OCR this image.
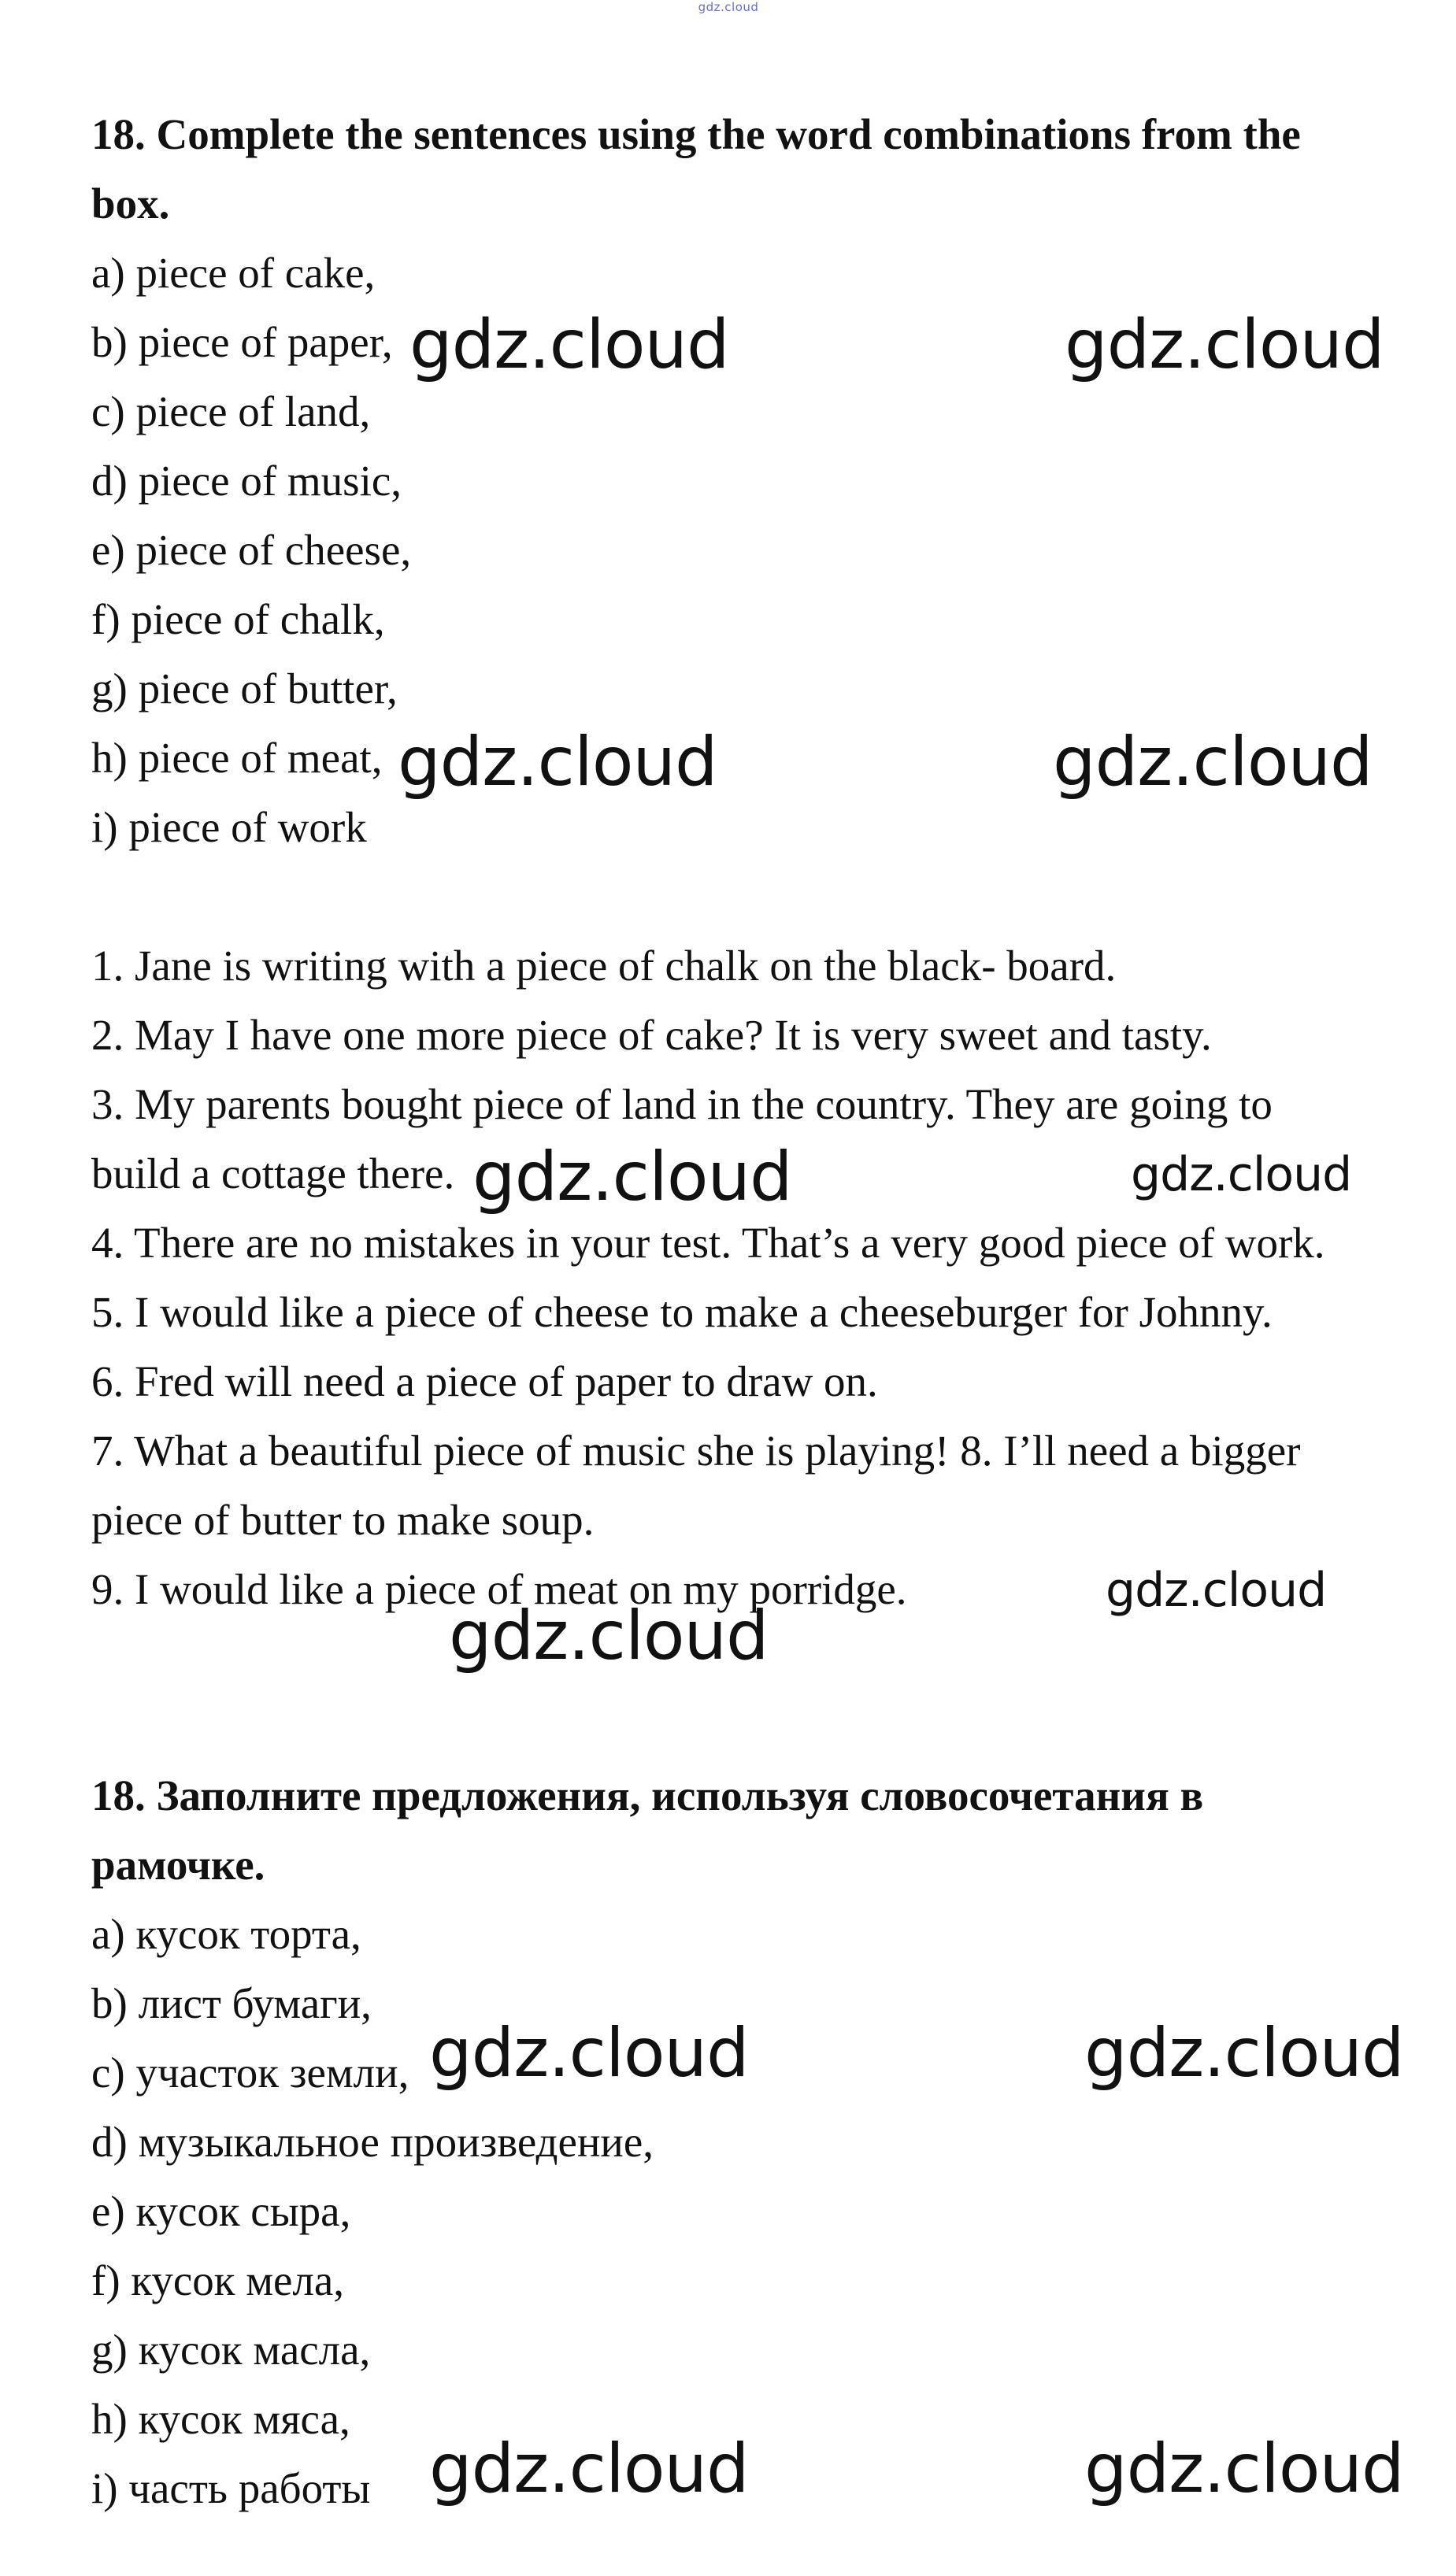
gdz.cloud
18. Complete the sentences using the word combinations from the
box.
a) piece of cake,
b) piece of paper,
c) piece of land,
d) piece of music,
e) piece of cheese,
f) piece of chalk,
g) piece of butter,
h) piece of meat,
i) piece of work
1. Jane is writing with a piece of chalk on the black- board.
2. May I have one more piece of cake? It is very sweet and tasty.
3. My parents bought piece of land in the country. They are going to
build a cottage there.
4. There are no mistakes in your test. That’s a very good piece of work.
5. I would like a piece of cheese to make a cheeseburger for Johnny.
6. Fred will need a piece of paper to draw on.
7. What a beautiful piece of music she is playing! 8. I’ll need a bigger
piece of butter to make soup.
9. I would like a piece of meat on my porridge.
18. Заполните предложения, используя словосочетания в
рамочке.
a) кусок торта,
b) лист бумаги,
c) участок земли,
d) музыкальное произведение,
e) кусок сыра,
f) кусок мела,
g) кусок масла,
h) кусок мяса,
i) часть работы
gdz.cloud	gdz.cloud
gdz.cloud	gdz.cloud
gdz.cloud	gdz.cloud
gdz.cloud
gdz.cloud
gdz.cloud	gdz.cloud
gdz.cloud	gdz.cloud
